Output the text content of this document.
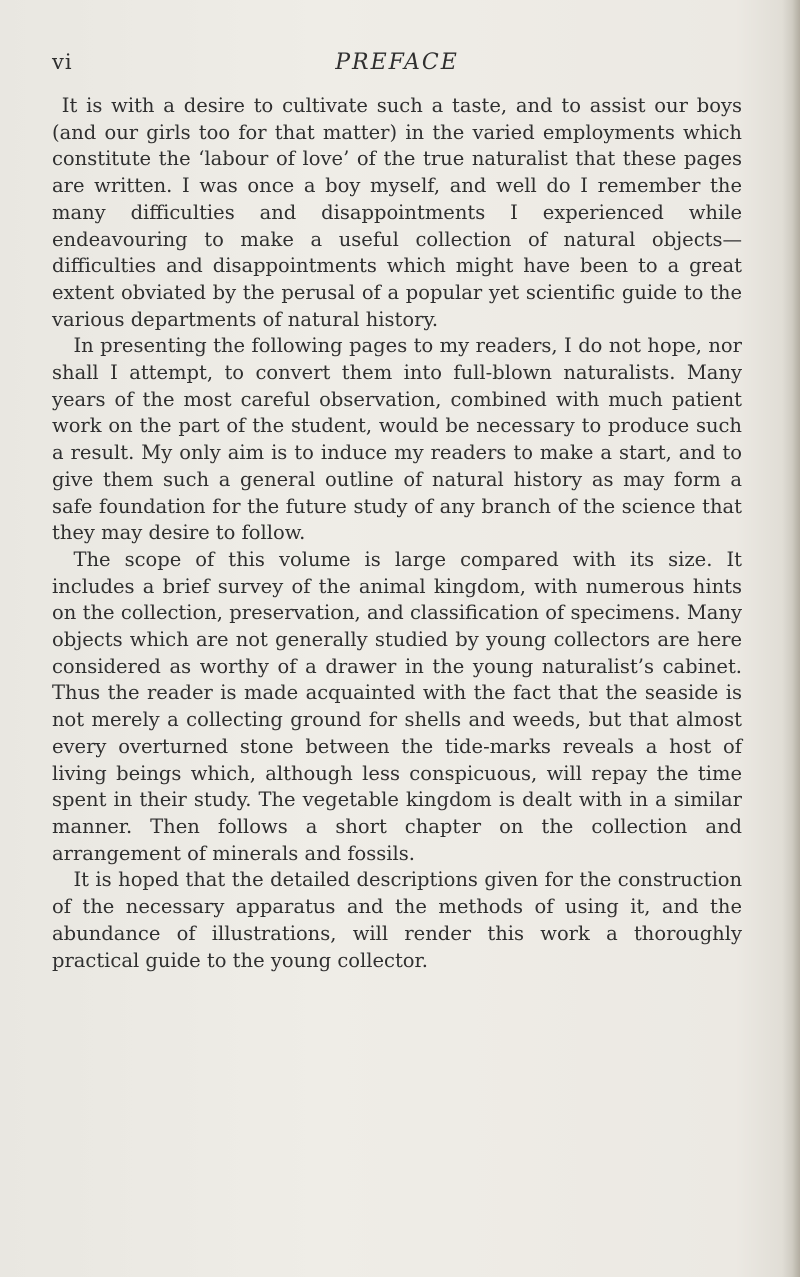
vi	PREFACE

It is with a desire to cultivate such a taste, and to assist our boys (and our girls too for that matter) in the varied employments which constitute the ‘labour of love’ of the true naturalist that these pages are written. I was once a boy myself, and well do I remember the many difficulties and disappointments I experienced while endeavouring to make a useful collection of natural objects—difficulties and disappointments which might have been to a great extent obviated by the perusal of a popular yet scientific guide to the various departments of natural history.

In presenting the following pages to my readers, I do not hope, nor shall I attempt, to convert them into full-blown naturalists. Many years of the most careful observation, combined with much patient work on the part of the student, would be necessary to produce such a result. My only aim is to induce my readers to make a start, and to give them such a general outline of natural history as may form a safe foundation for the future study of any branch of the science that they may desire to follow.

The scope of this volume is large compared with its size. It includes a brief survey of the animal kingdom, with numerous hints on the collection, preservation, and classification of specimens. Many objects which are not generally studied by young collectors are here considered as worthy of a drawer in the young naturalist’s cabinet. Thus the reader is made acquainted with the fact that the seaside is not merely a collecting ground for shells and weeds, but that almost every overturned stone between the tide-marks reveals a host of living beings which, although less conspicuous, will repay the time spent in their study. The vegetable kingdom is dealt with in a similar manner. Then follows a short chapter on the collection and arrangement of minerals and fossils.

It is hoped that the detailed descriptions given for the construction of the necessary apparatus and the methods of using it, and the abundance of illustrations, will render this work a thoroughly practical guide to the young collector.
